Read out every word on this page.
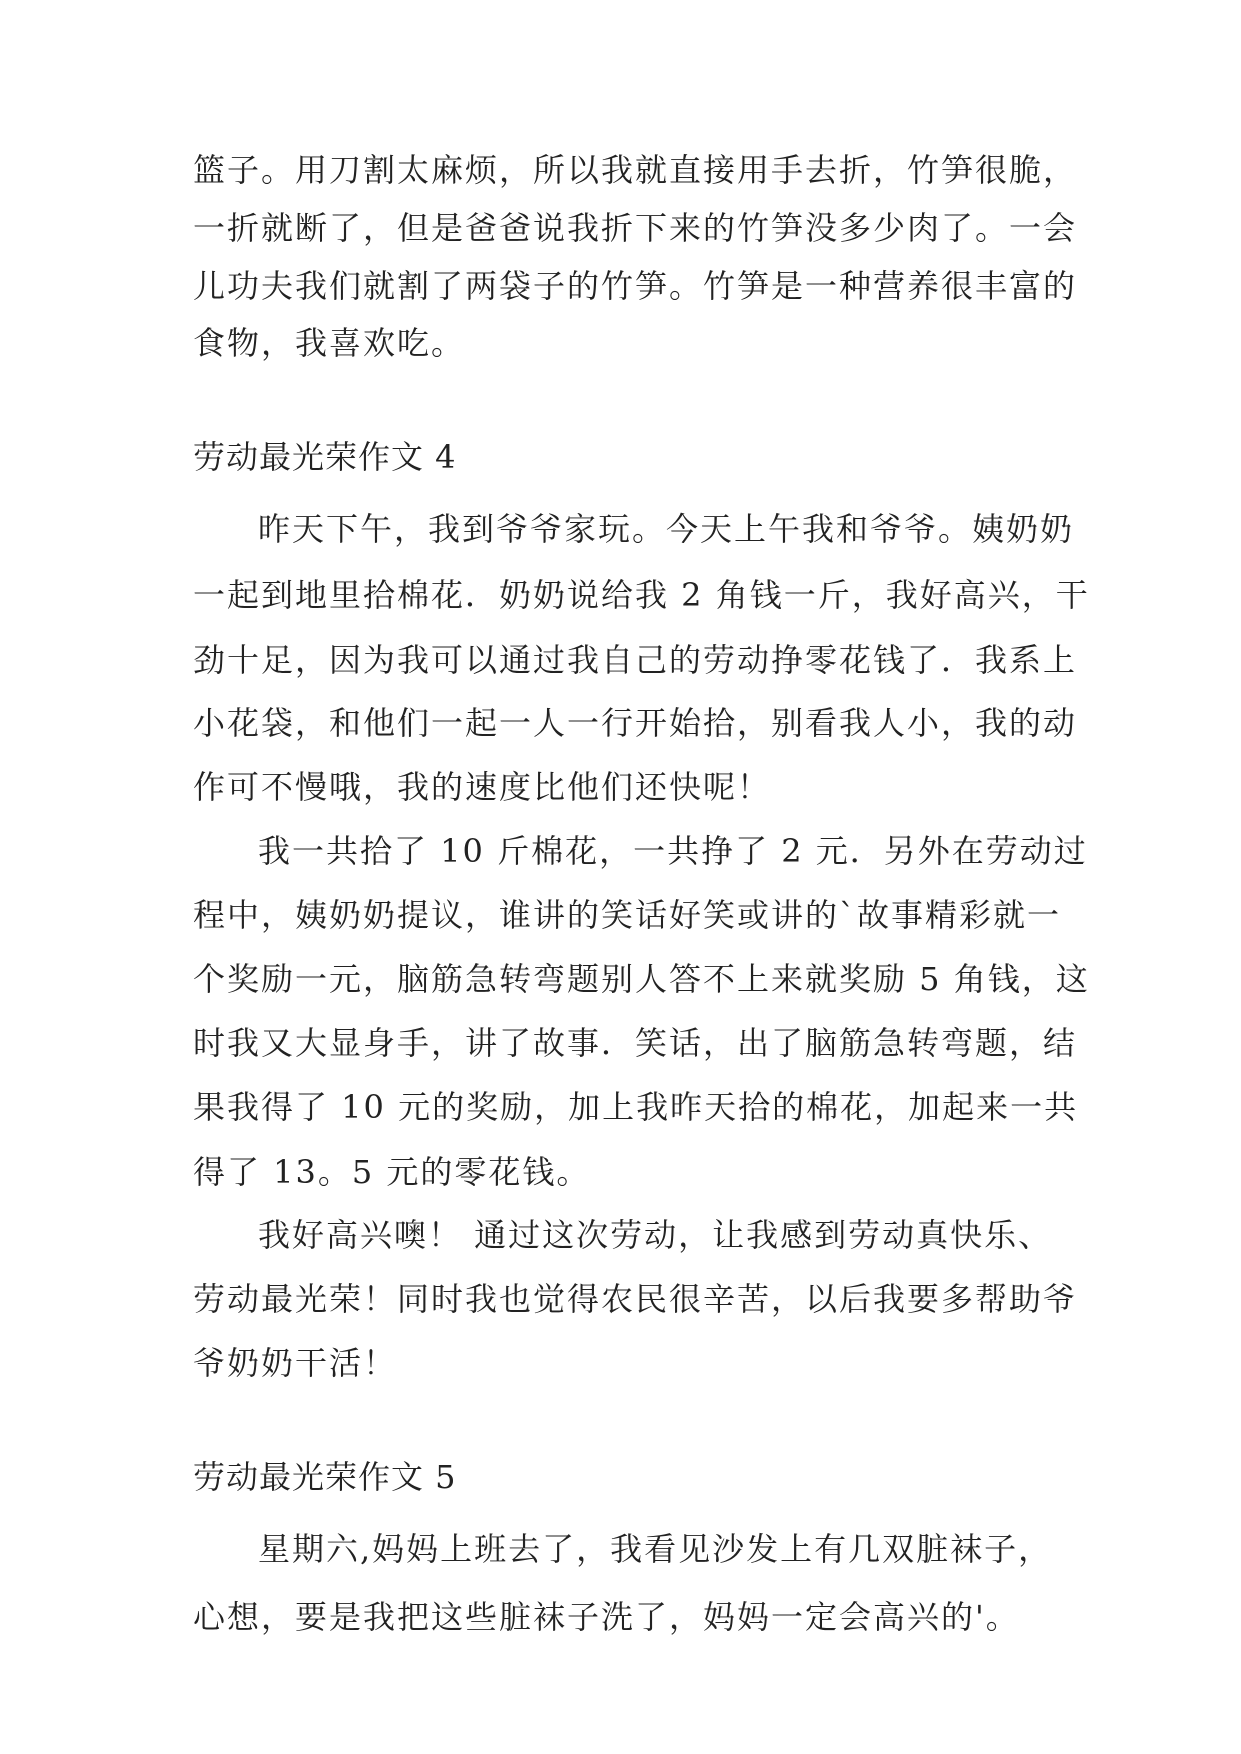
篮子。用刀割太麻烦，所以我就直接用手去折，竹笋很脆，
一折就断了，但是爸爸说我折下来的竹笋没多少肉了。一会
儿功夫我们就割了两袋子的竹笋。竹笋是一种营养很丰富的
食物，我喜欢吃。
劳动最光荣作文 4
昨天下午，我到爷爷家玩。今天上午我和爷爷。姨奶奶
一起到地里拾棉花．奶奶说给我 2 角钱一斤，我好高兴，干
劲十足，因为我可以通过我自己的劳动挣零花钱了．我系上
小花袋，和他们一起一人一行开始拾，别看我人小，我的动
作可不慢哦，我的速度比他们还快呢！
我一共拾了 10 斤棉花，一共挣了 2 元．另外在劳动过
程中，姨奶奶提议，谁讲的笑话好笑或讲的`故事精彩就一
个奖励一元，脑筋急转弯题别人答不上来就奖励 5 角钱，这
时我又大显身手，讲了故事．笑话，出了脑筋急转弯题，结
果我得了 10 元的奖励，加上我昨天拾的棉花，加起来一共
得了 13。5 元的零花钱。
我好高兴噢！ 通过这次劳动，让我感到劳动真快乐、
劳动最光荣！同时我也觉得农民很辛苦，以后我要多帮助爷
爷奶奶干活！
劳动最光荣作文 5
星期六,妈妈上班去了，我看见沙发上有几双脏袜子，
心想，要是我把这些脏袜子洗了，妈妈一定会高兴的'。
